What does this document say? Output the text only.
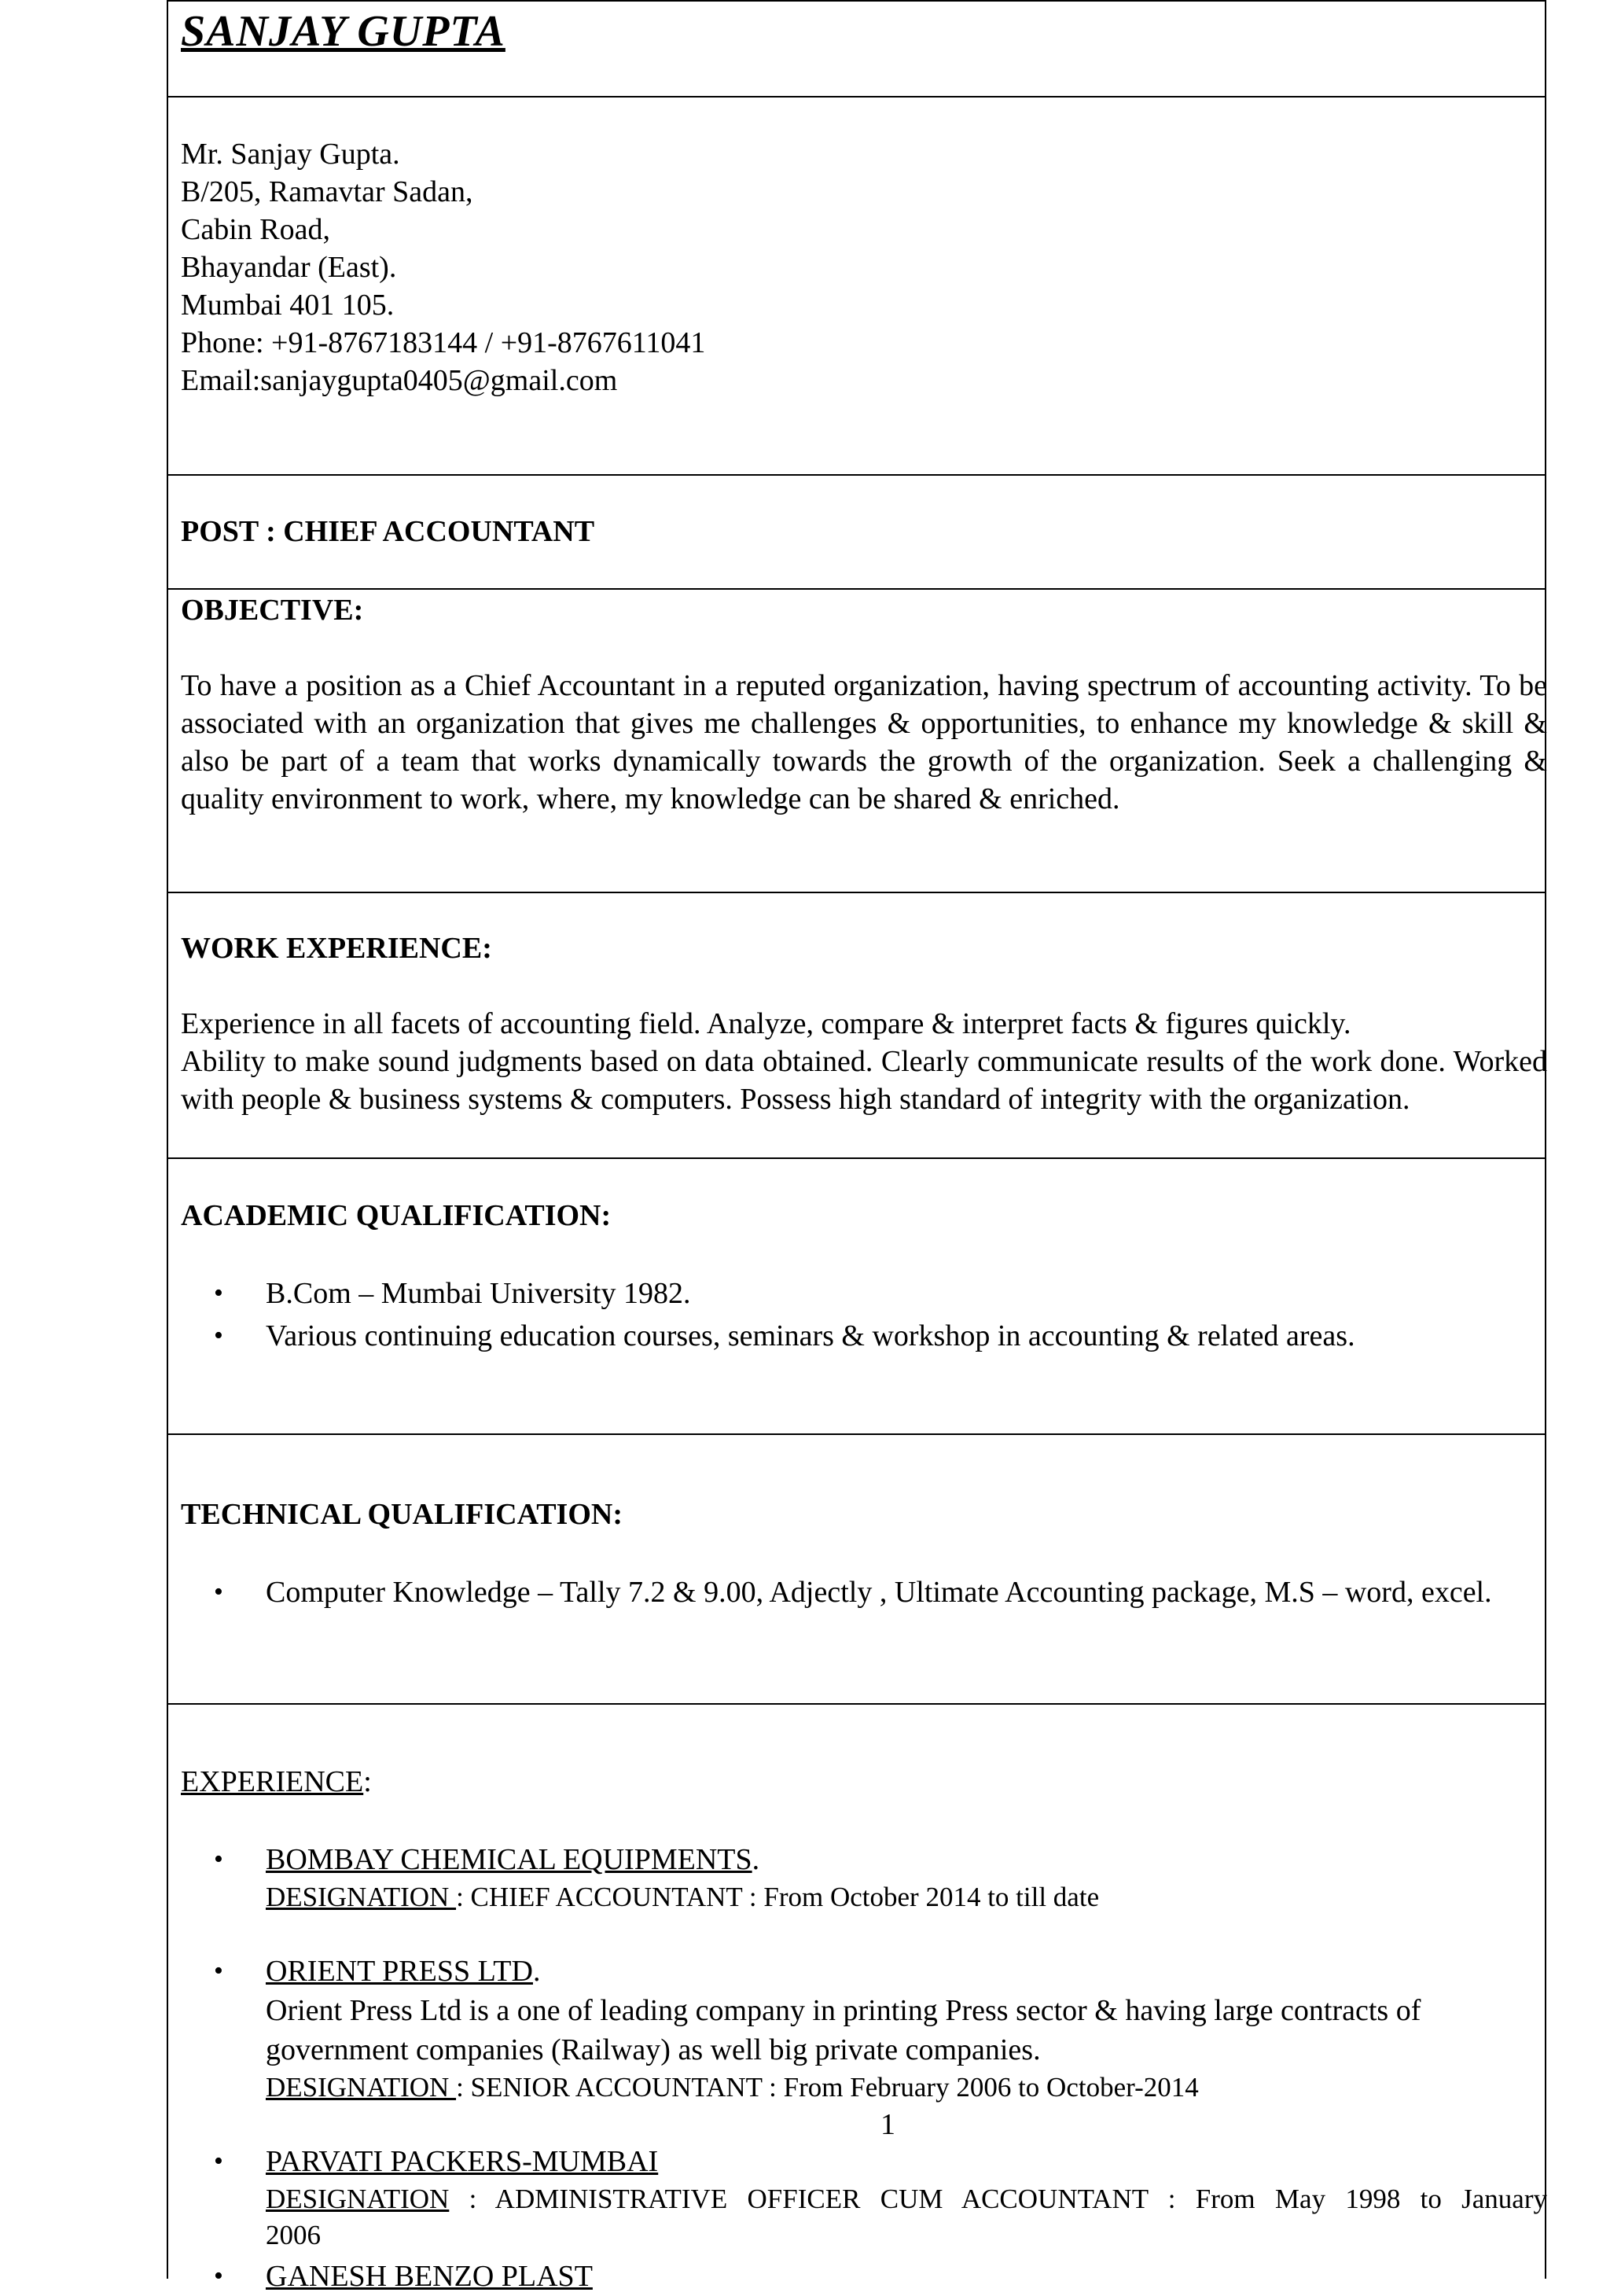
SANJAY GUPTA
Mr. Sanjay Gupta.
B/205, Ramavtar Sadan,
Cabin Road,
Bhayandar (East).
Mumbai 401 105.
Phone: +91-8767183144 / +91-8767611041
Email:sanjaygupta0405@gmail.com
POST : CHIEF ACCOUNTANT
OBJECTIVE:
To have a position as a Chief Accountant in a reputed organization, having spectrum of accounting activity. To be associated with an organization that gives me challenges & opportunities, to enhance my knowledge & skill & also be part of a team that works dynamically towards the growth of the organization. Seek a challenging & quality environment to work, where, my knowledge can be shared & enriched.
WORK EXPERIENCE:
Experience in all facets of accounting field. Analyze, compare & interpret facts & figures quickly.
Ability to make sound judgments based on data obtained. Clearly communicate results of the work done. Worked with people & business systems & computers. Possess high standard of integrity with the organization.
ACADEMIC QUALIFICATION:
• B.Com – Mumbai University 1982.
• Various continuing education courses, seminars & workshop in accounting & related areas.
TECHNICAL QUALIFICATION:
• Computer Knowledge – Tally 7.2 & 9.00, Adjectly , Ultimate Accounting package, M.S – word, excel.
EXPERIENCE:
• BOMBAY CHEMICAL EQUIPMENTS.
DESIGNATION : CHIEF ACCOUNTANT : From October 2014 to till date
• ORIENT PRESS LTD.
Orient Press Ltd is a one of leading company in printing Press sector & having large contracts of government companies (Railway) as well big private companies.
DESIGNATION : SENIOR ACCOUNTANT : From February 2006 to October-2014
• PARVATI PACKERS-MUMBAI
DESIGNATION : ADMINISTRATIVE OFFICER CUM ACCOUNTANT : From May 1998 to January
2006
• GANESH BENZO PLAST
1
